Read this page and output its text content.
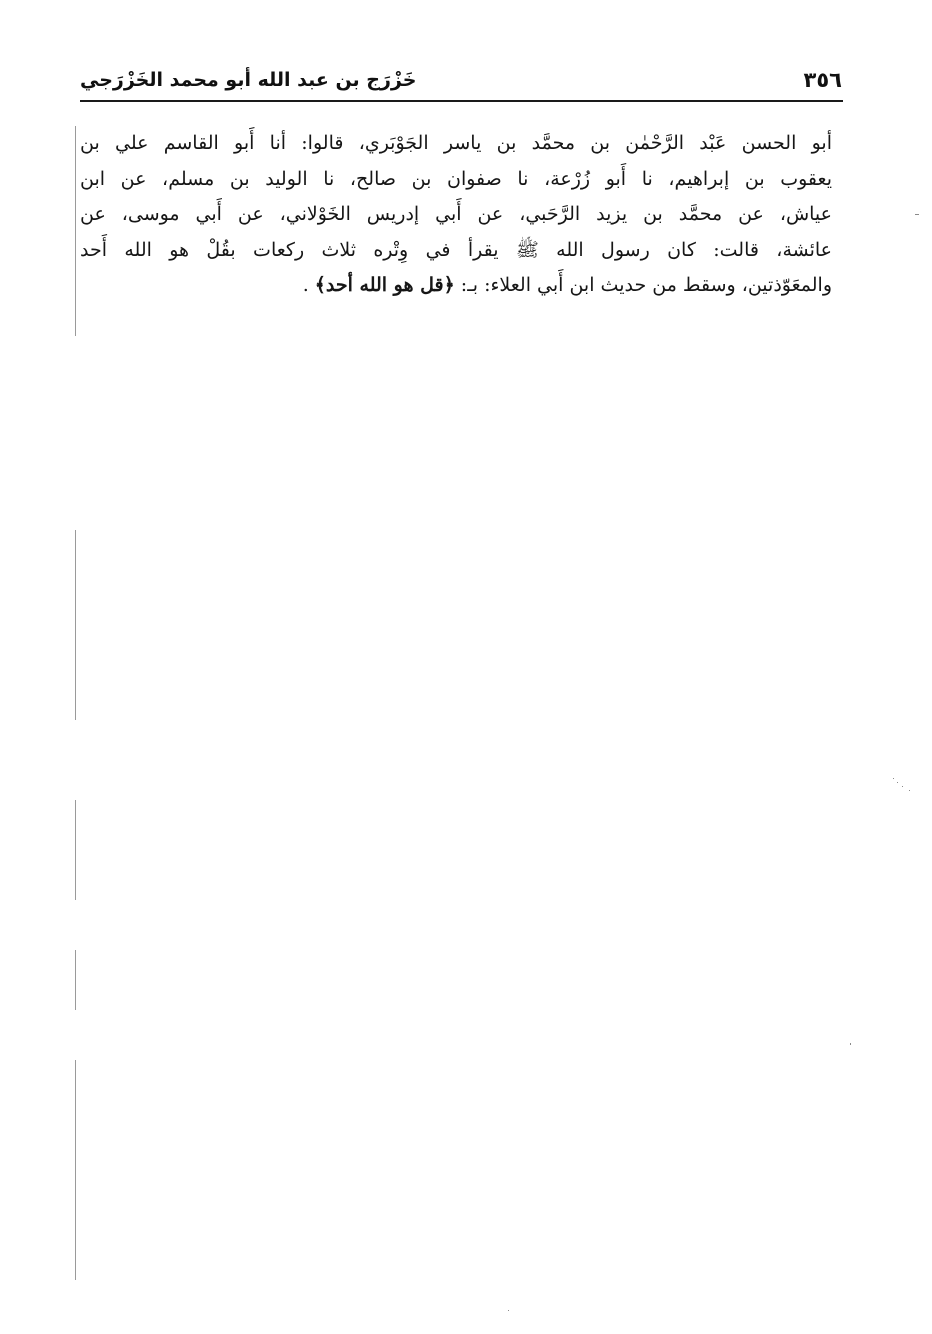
٣٥٦
خَزْرَج بن عبد الله أبو محمد الخَزْرَجي
أبو الحسن عَبْد الرَّحْمٰن بن محمَّد بن ياسر الجَوْبَري، قالوا: أنا أَبو القاسم علي بن
يعقوب بن إبراهيم، نا أَبو زُرْعة، نا صفوان بن صالح، نا الوليد بن مسلم، عن ابن
عياش، عن محمَّد بن يزيد الرَّحَبي، عن أَبي إدريس الخَوْلاني، عن أَبي موسى، عن
عائشة، قالت: كان رسول الله ﷺ يقرأ في وِتْره ثلاث ركعات بقُلْ هو الله أَحد
والمعَوّذتين، وسقط من حديث ابن أَبي العلاء: بـ: ﴿قل هو الله أحد﴾ .
